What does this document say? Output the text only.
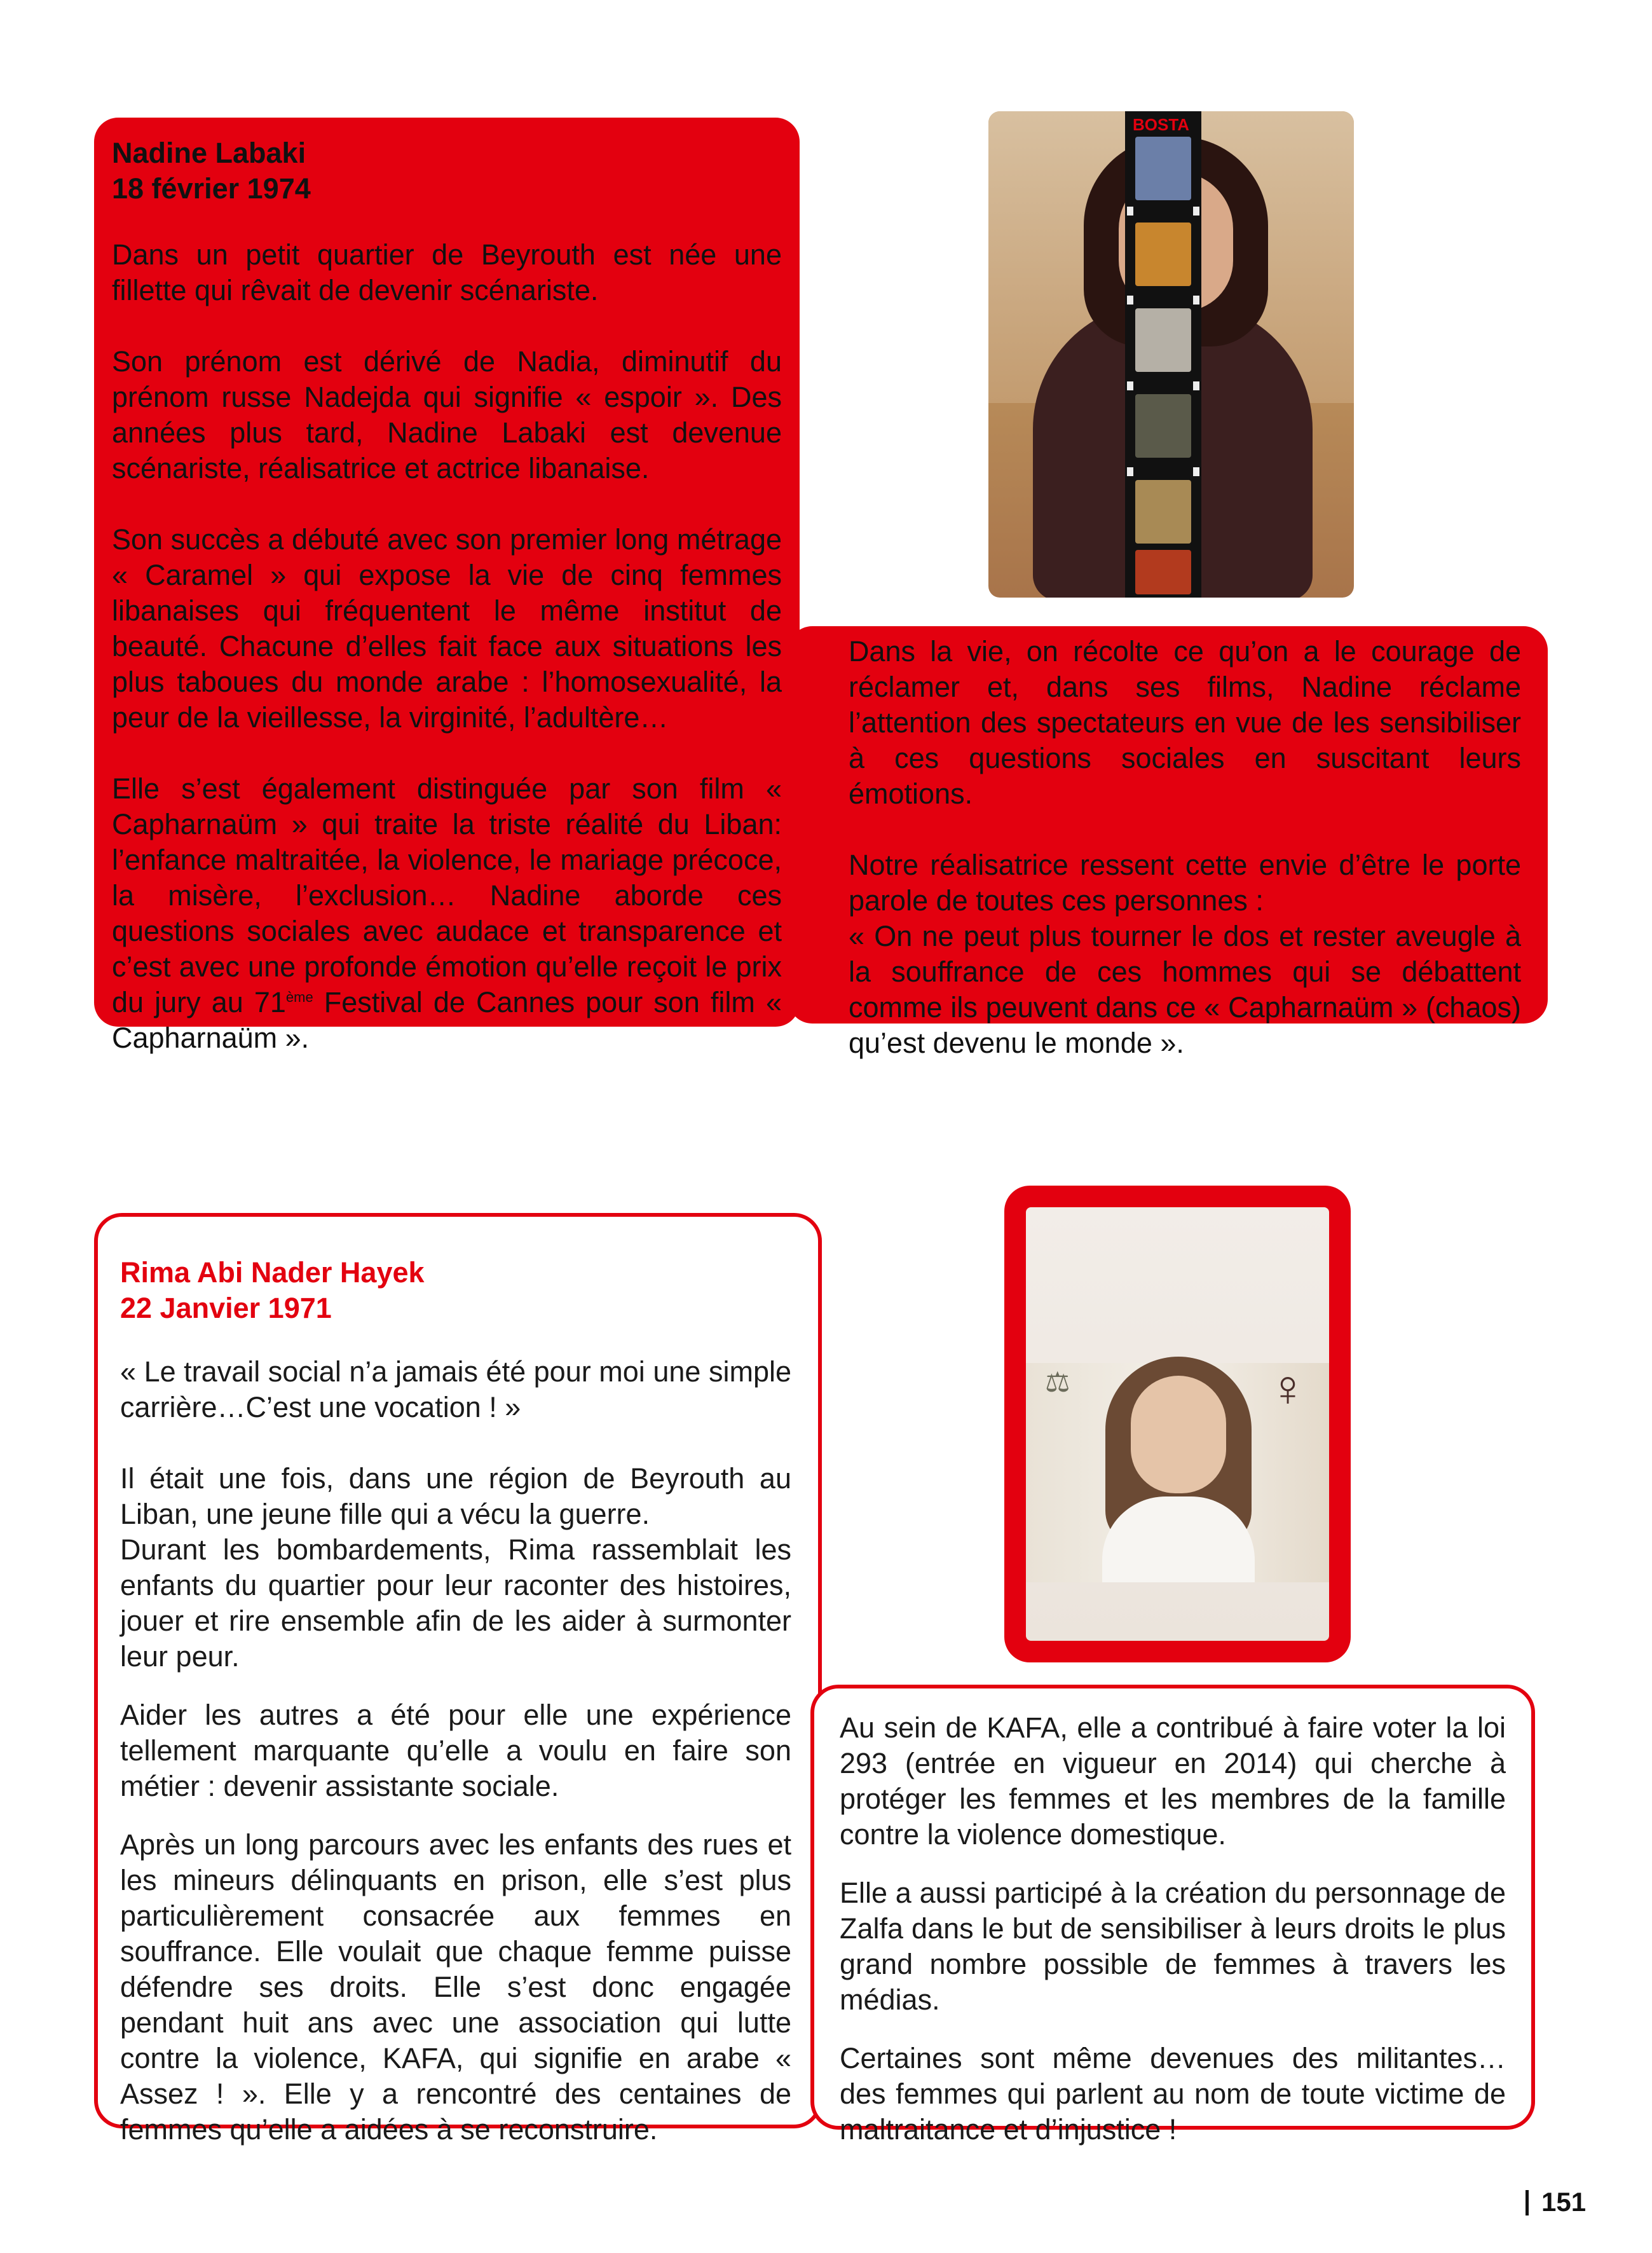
Nadine Labaki
18 février 1974

Dans un petit quartier de Beyrouth est née une fillette qui rêvait de devenir scénariste.

Son prénom est dérivé de Nadia, diminutif du prénom russe Nadejda qui signifie « espoir ». Des années plus tard, Nadine Labaki est devenue scénariste, réalisatrice et actrice libanaise.

Son succès a débuté avec son premier long métrage « Caramel » qui expose la vie de cinq femmes libanaises qui fréquentent le même institut de beauté. Chacune d’elles fait face aux situations les plus taboues du monde arabe : l’homosexualité, la peur de la vieillesse, la virginité, l’adultère…

Elle s’est également distinguée par son film « Capharnaüm » qui traite la triste réalité du Liban: l’enfance maltraitée, la violence, le mariage précoce, la misère, l’exclusion… Nadine aborde ces questions sociales avec audace et transparence et c’est avec une profonde émotion qu’elle reçoit le prix du jury au 71ème Festival de Cannes pour son film « Capharnaüm ».

BOSTA

Dans la vie, on récolte ce qu’on a le courage de réclamer et, dans ses films, Nadine réclame l’attention des spectateurs en vue de les sensibiliser à ces questions sociales en suscitant leurs émotions.

Notre réalisatrice ressent cette envie d’être le porte parole de toutes ces personnes :

« On ne peut plus tourner le dos et rester aveugle à la souffrance de ces hommes qui se débattent comme ils peuvent dans ce « Capharnaüm » (chaos) qu’est devenu le monde ».

Rima Abi Nader Hayek
22 Janvier 1971

« Le travail social n’a jamais été pour moi une simple carrière…C’est une vocation ! »

Il était une fois, dans une région de Beyrouth au Liban, une jeune fille qui a vécu la guerre.

Durant les bombardements, Rima rassemblait les enfants du quartier pour leur raconter des histoires, jouer et rire ensemble afin de les aider à surmonter leur peur.

Aider les autres a été pour elle une expérience tellement marquante qu’elle a voulu en faire son métier : devenir assistante sociale.

Après un long parcours avec les enfants des rues et les mineurs délinquants en prison, elle s’est plus particulièrement consacrée aux femmes en souffrance. Elle voulait que chaque femme puisse défendre ses droits. Elle s’est donc engagée pendant huit ans avec une association qui lutte contre la violence, KAFA, qui signifie en arabe « Assez ! ». Elle y a rencontré des centaines de femmes qu’elle a aidées à se reconstruire.

⚖	♀

Au sein de KAFA, elle a contribué à faire voter la loi 293 (entrée en vigueur en 2014) qui cherche à protéger les femmes et les membres de la famille contre la violence domestique.

Elle a aussi participé à la création du personnage de Zalfa dans le but de sensibiliser à leurs droits le plus grand nombre possible de femmes à travers les médias.

Certaines sont même devenues des militantes… des femmes qui parlent au nom de toute victime de maltraitance et d’injustice !

151
